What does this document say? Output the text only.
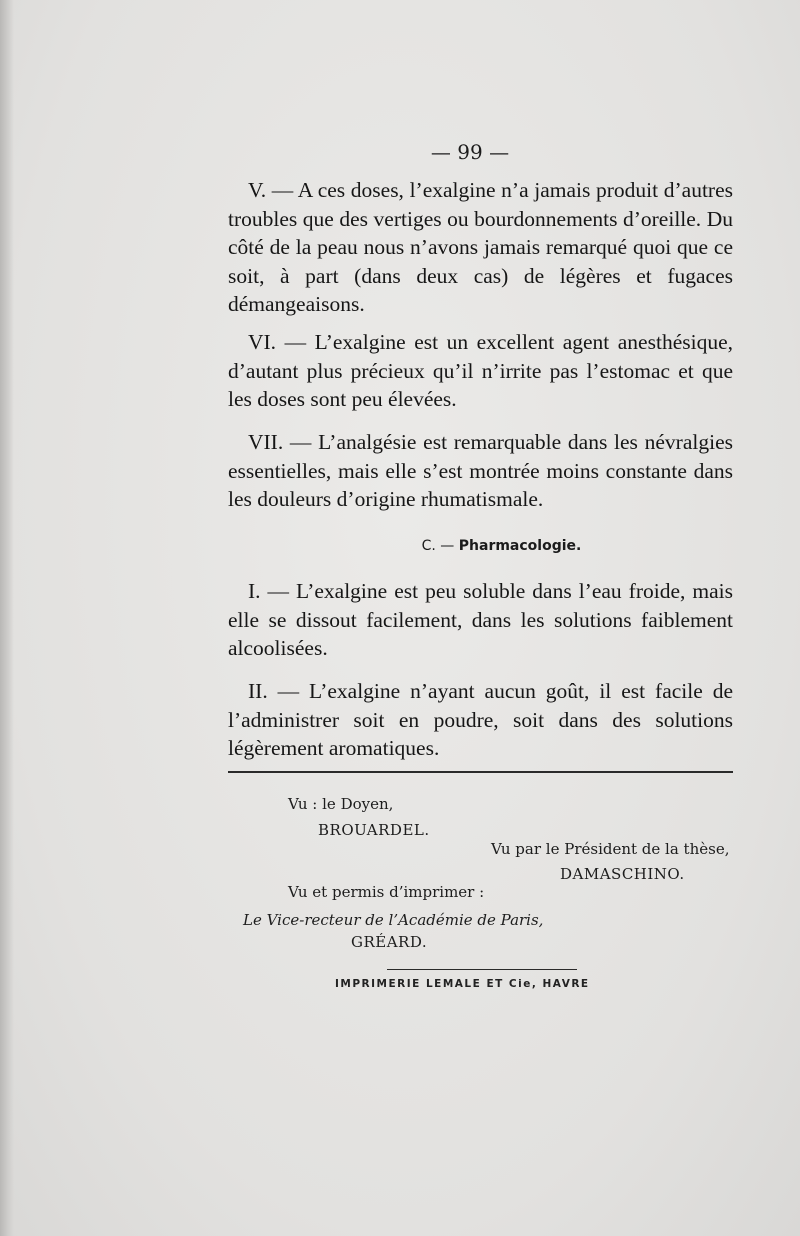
— 99 —

V. — A ces doses, l’exalgine n’a jamais produit d’autres troubles que des vertiges ou bourdonnements d’oreille. Du côté de la peau nous n’avons jamais remarqué quoi que ce soit, à part (dans deux cas) de légères et fugaces démangeaisons.

VI. — L’exalgine est un excellent agent anesthésique, d’autant plus précieux qu’il n’irrite pas l’estomac et que les doses sont peu élevées.

VII. — L’analgésie est remarquable dans les névralgies essentielles, mais elle s’est montrée moins constante dans les douleurs d’origine rhumatismale.

C. — Pharmacologie.

I. — L’exalgine est peu soluble dans l’eau froide, mais elle se dissout facilement, dans les solutions faiblement alcoolisées.

II. — L’exalgine n’ayant aucun goût, il est facile de l’administrer soit en poudre, soit dans des solutions légèrement aromatiques.

Vu : le Doyen,
BROUARDEL.
Vu par le Président de la thèse,
DAMASCHINO.
Vu et permis d’imprimer :
Le Vice-recteur de l’Académie de Paris,
GRÉARD.
IMPRIMERIE LEMALE ET Cie, HAVRE
